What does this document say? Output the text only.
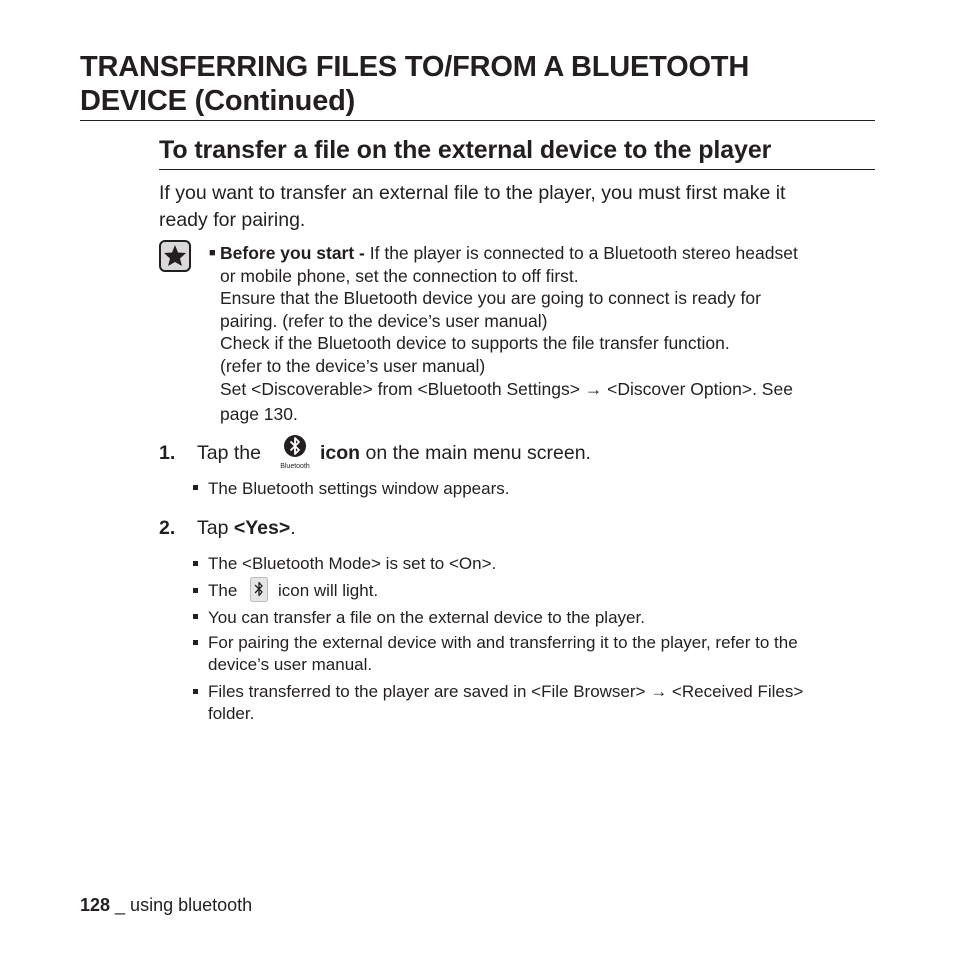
TRANSFERRING FILES TO/FROM A BLUETOOTH
DEVICE (Continued)
To transfer a file on the external device to the player
If you want to transfer an external file to the player, you must first make it
ready for pairing.
■ Before you start - If the player is connected to a Bluetooth stereo headset
or mobile phone, set the connection to off first.
Ensure that the Bluetooth device you are going to connect is ready for
pairing. (refer to the device’s user manual)
Check if the Bluetooth device to supports the file transfer function.
(refer to the device’s user manual)
Set <Discoverable> from <Bluetooth Settings> → <Discover Option>. See
page 130.
1. Tap the
Bluetooth
icon on the main menu screen.
The Bluetooth settings window appears.
2. Tap <Yes>.
The <Bluetooth Mode> is set to <On>.
The icon will light.
You can transfer a file on the external device to the player.
For pairing the external device with and transferring it to the player, refer to the
device’s user manual.
Files transferred to the player are saved in <File Browser> → <Received Files>
folder.
128 _ using bluetooth
